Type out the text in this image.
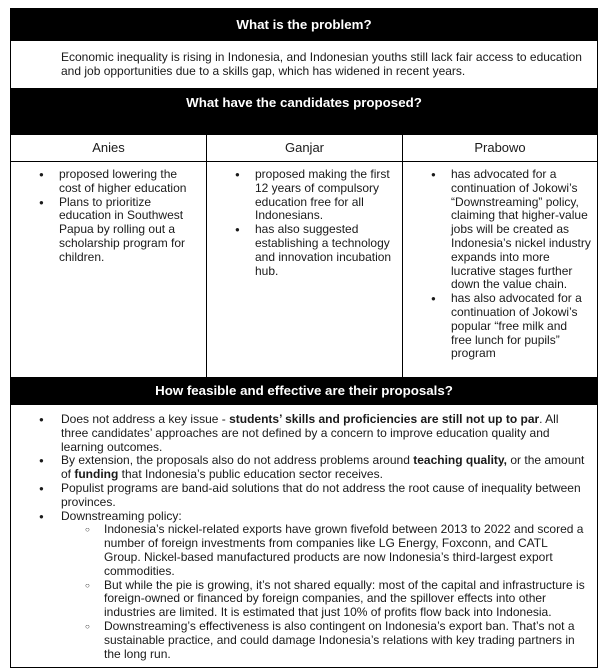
What is the problem?
Economic inequality is rising in Indonesia, and Indonesian youths still lack fair access to education and job opportunities due to a skills gap, which has widened in recent years.
What have the candidates proposed?
Anies	Ganjar	Prabowo
● proposed lowering the cost of higher education
● Plans to prioritize education in Southwest Papua by rolling out a scholarship program for children.
● proposed making the first 12 years of compulsory education free for all Indonesians.
● has also suggested establishing a technology and innovation incubation hub.
● has advocated for a continuation of Jokowi’s “Downstreaming” policy, claiming that higher-value jobs will be created as Indonesia’s nickel industry expands into more lucrative stages further down the value chain.
● has also advocated for a continuation of Jokowi’s popular “free milk and free lunch for pupils” program
How feasible and effective are their proposals?
● Does not address a key issue - students’ skills and proficiencies are still not up to par. All three candidates’ approaches are not defined by a concern to improve education quality and learning outcomes.
● By extension, the proposals also do not address problems around teaching quality, or the amount of funding that Indonesia’s public education sector receives.
● Populist programs are band-aid solutions that do not address the root cause of inequality between provinces.
● Downstreaming policy:
○ Indonesia’s nickel-related exports have grown fivefold between 2013 to 2022 and scored a number of foreign investments from companies like LG Energy, Foxconn, and CATL Group. Nickel-based manufactured products are now Indonesia’s third-largest export commodities.
○ But while the pie is growing, it’s not shared equally: most of the capital and infrastructure is foreign-owned or financed by foreign companies, and the spillover effects into other industries are limited. It is estimated that just 10% of profits flow back into Indonesia.
○ Downstreaming’s effectiveness is also contingent on Indonesia’s export ban. That’s not a sustainable practice, and could damage Indonesia’s relations with key trading partners in the long run.
